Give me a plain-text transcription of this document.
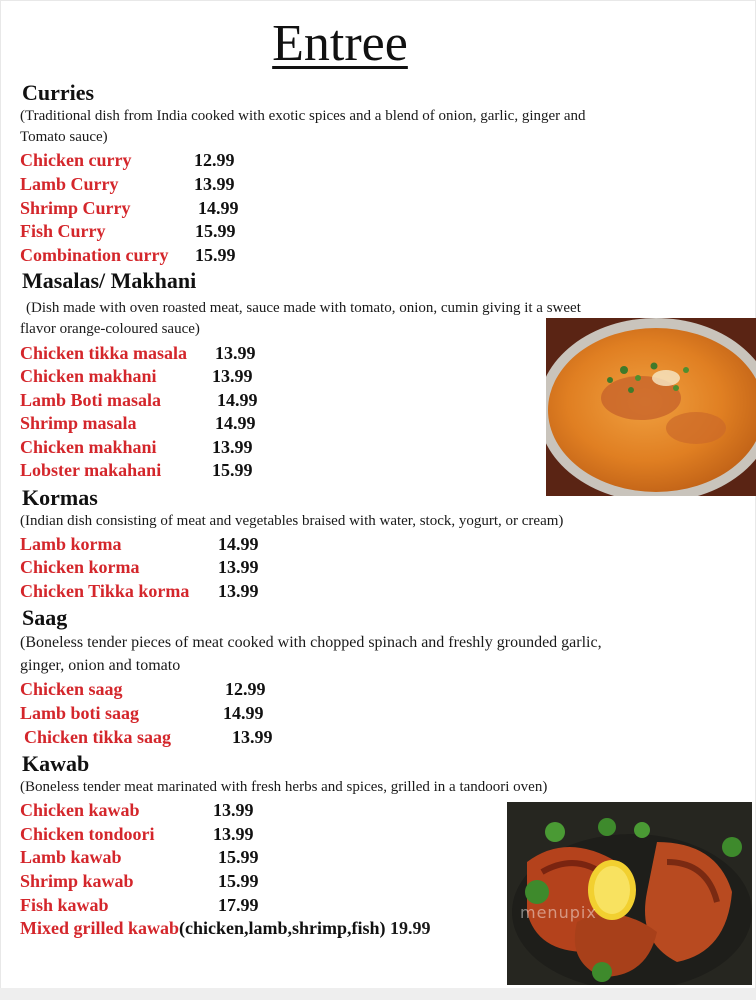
Entree
Curries
(Traditional dish from India cooked with exotic spices and a blend of onion, garlic, ginger and
Tomato sauce)
Chicken curry	12.99
Lamb Curry	13.99
Shrimp Curry	14.99
Fish Curry	15.99
Combination curry 15.99
Masalas/ Makhani
(Dish made with oven roasted meat, sauce made with tomato, onion, cumin giving it a sweet
flavor orange-coloured sauce)
Chicken tikka masala 13.99
Chicken makhani	13.99
Lamb Boti masala	14.99
Shrimp masala	14.99
Chicken makhani	13.99
Lobster makahani	15.99
Kormas
(Indian dish consisting of meat and vegetables braised with water, stock, yogurt, or cream)
Lamb korma	14.99
Chicken korma	13.99
Chicken Tikka korma 13.99
Saag
(Boneless tender pieces of meat cooked with chopped spinach and freshly grounded garlic,
ginger, onion and tomato
Chicken saag	12.99
Lamb boti saag	14.99
Chicken tikka saag	13.99
Kawab
(Boneless tender meat marinated with fresh herbs and spices, grilled in a tandoori oven)
Chicken kawab	13.99
Chicken tondoori	13.99
Lamb kawab	15.99
Shrimp kawab	15.99
Fish kawab	17.99
Mixed grilled kawab(chicken,lamb,shrimp,fish) 19.99
menupix
